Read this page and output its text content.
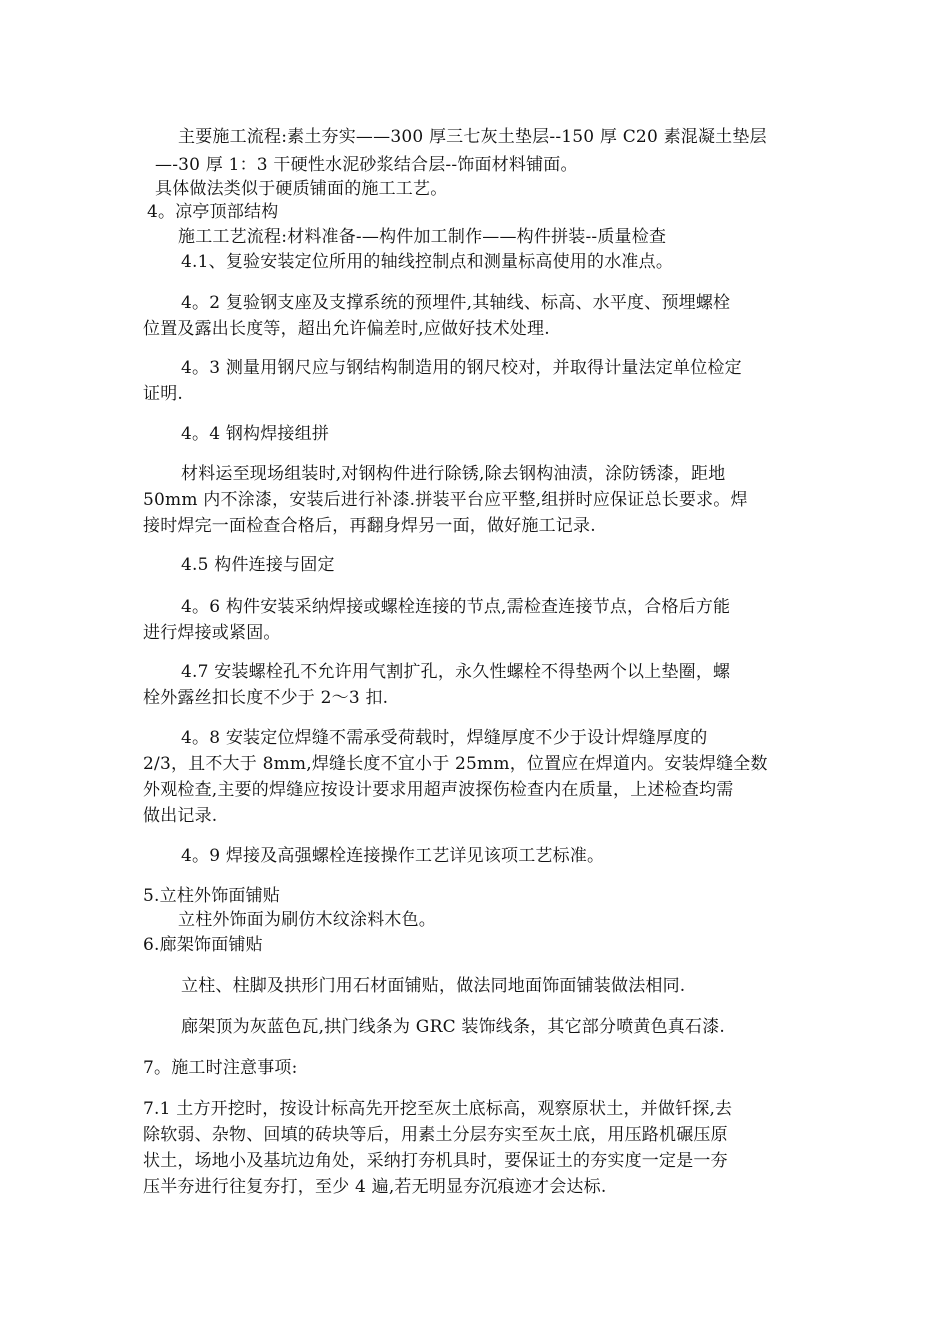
主要施工流程:素土夯实——300 厚三七灰土垫层--150 厚 C20 素混凝土垫层
—-30 厚 1：3 干硬性水泥砂浆结合层--饰面材料铺面。
具体做法类似于硬质铺面的施工工艺。
4。凉亭顶部结构
施工工艺流程:材料准备-—构件加工制作——构件拼装--质量检查
4.1、复验安装定位所用的轴线控制点和测量标高使用的水准点。
4。2 复验钢支座及支撑系统的预埋件,其轴线、标高、水平度、预埋螺栓
位置及露出长度等，超出允许偏差时,应做好技术处理.
4。3 测量用钢尺应与钢结构制造用的钢尺校对，并取得计量法定单位检定
证明.
4。4 钢构焊接组拼
材料运至现场组装时,对钢构件进行除锈,除去钢构油渍，涂防锈漆，距地
50mm 内不涂漆，安装后进行补漆.拼装平台应平整,组拼时应保证总长要求。焊
接时焊完一面检查合格后，再翻身焊另一面，做好施工记录.
4.5 构件连接与固定
4。6 构件安装采纳焊接或螺栓连接的节点,需检查连接节点，合格后方能
进行焊接或紧固。
4.7 安装螺栓孔不允许用气割扩孔，永久性螺栓不得垫两个以上垫圈，螺
栓外露丝扣长度不少于 2～3 扣.
4。8 安装定位焊缝不需承受荷载时，焊缝厚度不少于设计焊缝厚度的
2/3，且不大于 8mm,焊缝长度不宜小于 25mm，位置应在焊道内。安装焊缝全数
外观检查,主要的焊缝应按设计要求用超声波探伤检查内在质量，上述检查均需
做出记录.
4。9 焊接及高强螺栓连接操作工艺详见该项工艺标准。
5.立柱外饰面铺贴
立柱外饰面为刷仿木纹涂料木色。
6.廊架饰面铺贴
立柱、柱脚及拱形门用石材面铺贴，做法同地面饰面铺装做法相同.
廊架顶为灰蓝色瓦,拱门线条为 GRC 装饰线条，其它部分喷黄色真石漆.
7。施工时注意事项:
7.1 土方开挖时，按设计标高先开挖至灰土底标高，观察原状土，并做钎探,去
除软弱、杂物、回填的砖块等后，用素土分层夯实至灰土底，用压路机碾压原
状土，场地小及基坑边角处，采纳打夯机具时，要保证土的夯实度一定是一夯
压半夯进行往复夯打，至少 4 遍,若无明显夯沉痕迹才会达标.
